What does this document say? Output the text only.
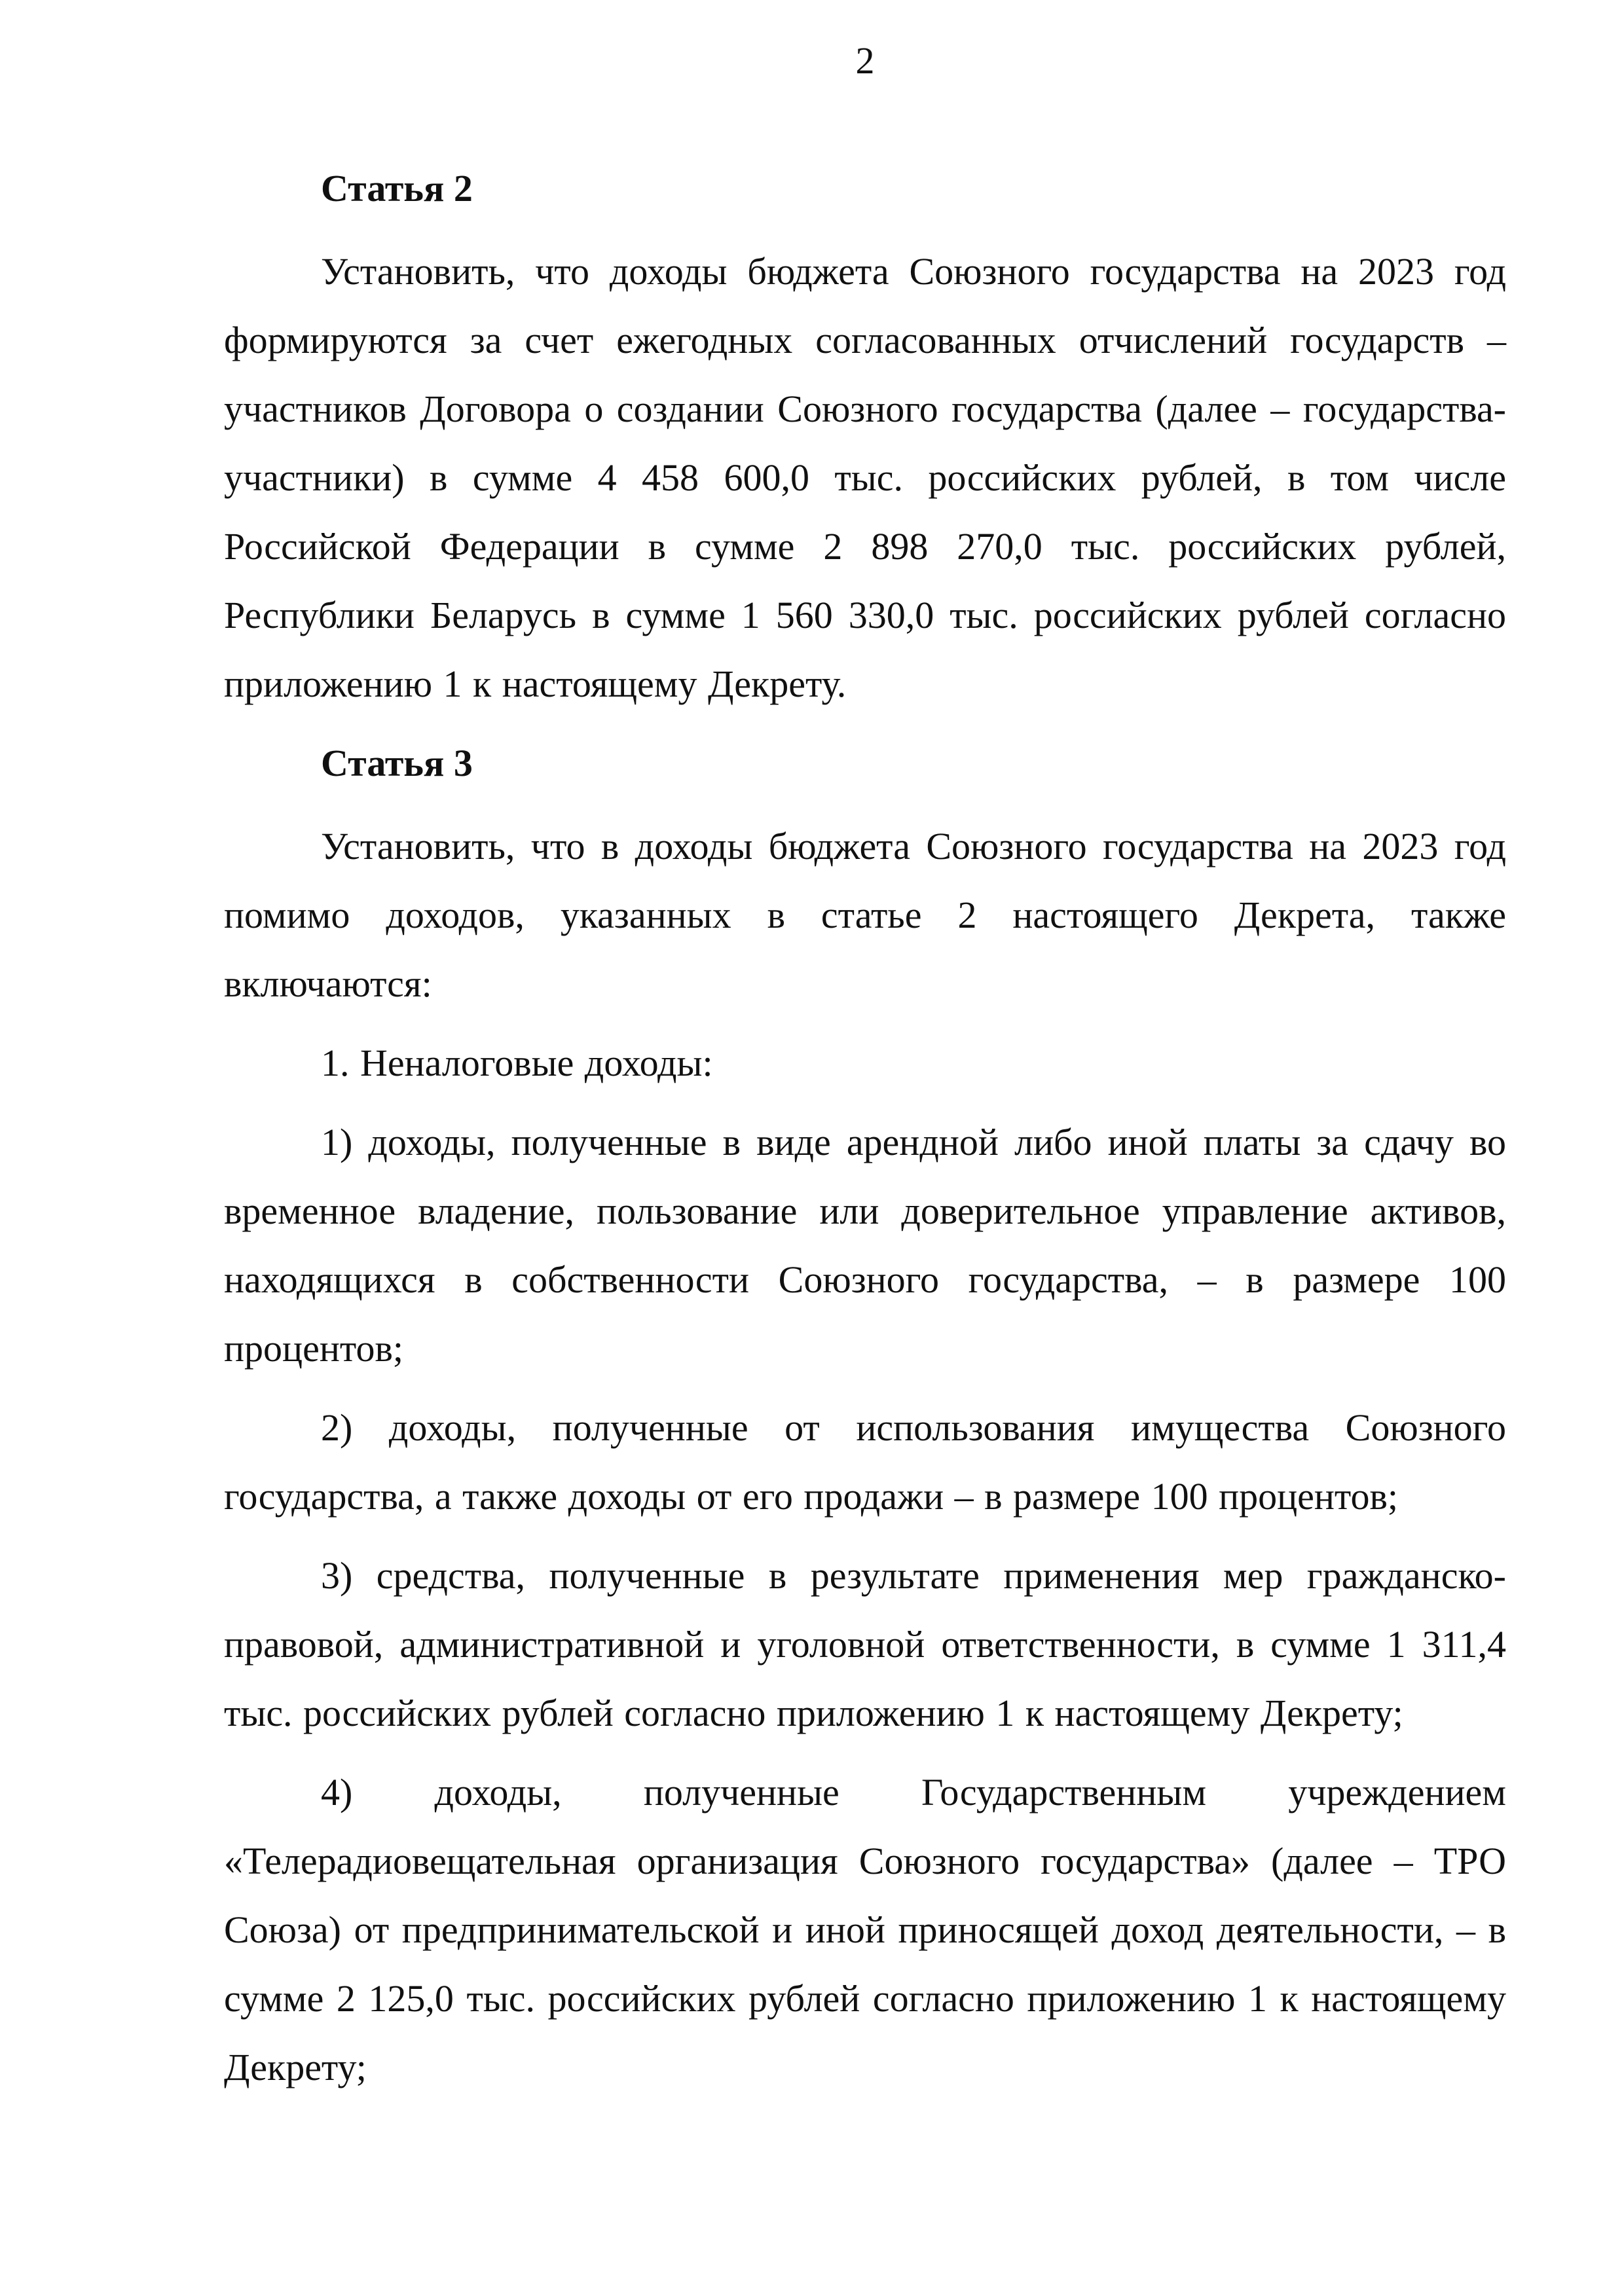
2
Статья 2

Установить, что доходы бюджета Союзного государства на 2023 год формируются за счет ежегодных согласованных отчислений государств – участников Договора о создании Союзного государства (далее – государства-участники) в сумме 4 458 600,0 тыс. российских рублей, в том числе Российской Федерации в сумме 2 898 270,0 тыс. российских рублей, Республики Беларусь в сумме 1 560 330,0 тыс. российских рублей согласно приложению 1 к настоящему Декрету.

Статья 3

Установить, что в доходы бюджета Союзного государства на 2023 год помимо доходов, указанных в статье 2 настоящего Декрета, также включаются:

1. Неналоговые доходы:

1) доходы, полученные в виде арендной либо иной платы за сдачу во временное владение, пользование или доверительное управление активов, находящихся в собственности Союзного государства, – в размере 100 процентов;

2) доходы, полученные от использования имущества Союзного государства, а также доходы от его продажи – в размере 100 процентов;

3) средства, полученные в результате применения мер гражданско-правовой, административной и уголовной ответственности, в сумме 1 311,4 тыс. российских рублей согласно приложению 1 к настоящему Декрету;

4) доходы, полученные Государственным учреждением «Телерадиовещательная организация Союзного государства» (далее – ТРО Союза) от предпринимательской и иной приносящей доход деятельности, – в сумме 2 125,0 тыс. российских рублей согласно приложению 1 к настоящему Декрету;
